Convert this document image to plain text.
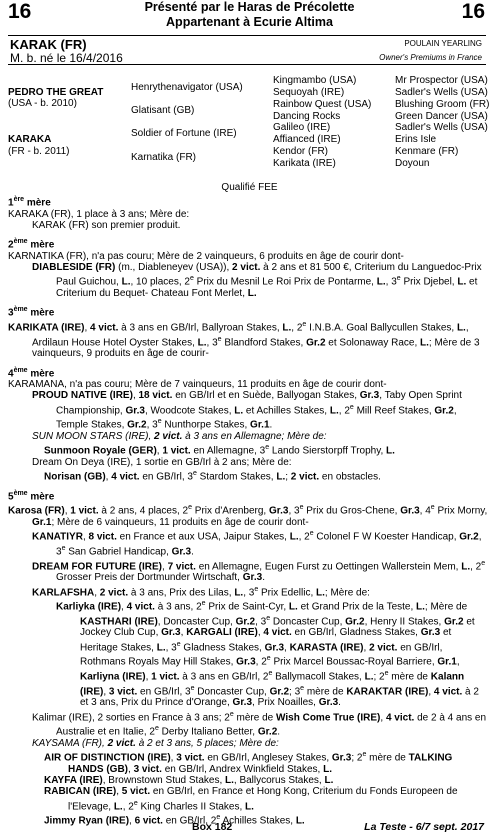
16	16
Présenté par le Haras de Précolette
Appartenant à Ecurie Altima
KARAK (FR)
M. b. né le 16/4/2016
POULAIN YEARLING
Owner's Premiums in France
PEDRO THE GREAT
(USA - b. 2010)
KARAKA
(FR - b. 2011)
Henrythenavigator (USA)
Glatisant (GB)
Soldier of Fortune (IRE)
Karnatika (FR)
Kingmambo (USA)
Sequoyah (IRE)
Rainbow Quest (USA)
Dancing Rocks
Galileo (IRE)
Affianced (IRE)
Kendor (FR)
Karikata (IRE)
Mr Prospector (USA)
Sadler's Wells (USA)
Blushing Groom (FR)
Green Dancer (USA)
Sadler's Wells (USA)
Erins Isle
Kenmare (FR)
Doyoun
Qualifié FEE

1ère mère

KARAKA (FR), 1 place à 3 ans; Mère de:

KARAK (FR) son premier produit.

2ème mère

KARNATIKA (FR), n'a pas couru; Mère de 2 vainqueurs, 6 produits en âge de courir dont-

DIABLESIDE (FR) (m., Diableneyev (USA)), 2 vict. à 2 ans et 81 500 €, Criterium du Languedoc-Prix Paul Guichou, L., 10 places, 2e Prix du Mesnil Le Roi Prix de Pontarme, L., 3e Prix Djebel, L. et Criterium du Bequet- Chateau Font Merlet, L.

3ème mère

KARIKATA (IRE), 4 vict. à 3 ans en GB/Irl, Ballyroan Stakes, L., 2e I.N.B.A. Goal Ballycullen Stakes, L., Ardilaun House Hotel Oyster Stakes, L., 3e Blandford Stakes, Gr.2 et Solonaway Race, L.; Mère de 3 vainqueurs, 9 produits en âge de courir-

4ème mère

KARAMANA, n'a pas couru; Mère de 7 vainqueurs, 11 produits en âge de courir dont-

PROUD NATIVE (IRE), 18 vict. en GB/Irl et en Suède, Ballyogan Stakes, Gr.3, Taby Open Sprint Championship, Gr.3, Woodcote Stakes, L. et Achilles Stakes, L., 2e Mill Reef Stakes, Gr.2, Temple Stakes, Gr.2, 3e Nunthorpe Stakes, Gr.1.

SUN MOON STARS (IRE), 2 vict. à 3 ans en Allemagne; Mère de:

Sunmoon Royale (GER), 1 vict. en Allemagne, 3e Lando Sierstorpff Trophy, L.

Dream On Deya (IRE), 1 sortie en GB/Irl à 2 ans; Mère de:

Norisan (GB), 4 vict. en GB/Irl, 3e Stardom Stakes, L.; 2 vict. en obstacles.

5ème mère

Karosa (FR), 1 vict. à 2 ans, 4 places, 2e Prix d'Arenberg, Gr.3, 3e Prix du Gros-Chene, Gr.3, 4e Prix Morny, Gr.1; Mère de 6 vainqueurs, 11 produits en âge de courir dont-

KANATIYR, 8 vict. en France et aux USA, Jaipur Stakes, L., 2e Colonel F W Koester Handicap, Gr.2, 3e San Gabriel Handicap, Gr.3.

DREAM FOR FUTURE (IRE), 7 vict. en Allemagne, Eugen Furst zu Oettingen Wallerstein Mem, L., 2e Grosser Preis der Dortmunder Wirtschaft, Gr.3.

KARLAFSHA, 2 vict. à 3 ans, Prix des Lilas, L., 3e Prix Edellic, L.; Mère de:

Karliyka (IRE), 4 vict. à 3 ans, 2e Prix de Saint-Cyr, L. et Grand Prix de la Teste, L.; Mère de KASTHARI (IRE), Doncaster Cup, Gr.2, 3e Doncaster Cup, Gr.2, Henry II Stakes, Gr.2 et Jockey Club Cup, Gr.3, KARGALI (IRE), 4 vict. en GB/Irl, Gladness Stakes, Gr.3 et Heritage Stakes, L., 3e Gladness Stakes, Gr.3, KARASTA (IRE), 2 vict. en GB/Irl, Rothmans Royals May Hill Stakes, Gr.3, 2e Prix Marcel Boussac-Royal Barriere, Gr.1, Karliyna (IRE), 1 vict. à 3 ans en GB/Irl, 2e Ballymacoll Stakes, L.; 2e mère de Kalann (IRE), 3 vict. en GB/Irl, 3e Doncaster Cup, Gr.2; 3e mère de KARAKTAR (IRE), 4 vict. à 2 et 3 ans, Prix du Prince d'Orange, Gr.3, Prix Noailles, Gr.3.

Kalimar (IRE), 2 sorties en France à 3 ans; 2e mère de Wish Come True (IRE), 4 vict. de 2 à 4 ans en Australie et en Italie, 2e Derby Italiano Better, Gr.2.

KAYSAMA (FR), 2 vict. à 2 et 3 ans, 5 places; Mère de:

AIR OF DISTINCTION (IRE), 3 vict. en GB/Irl, Anglesey Stakes, Gr.3; 2e mère de TALKING HANDS (GB), 3 vict. en GB/Irl, Andrex Winkfield Stakes, L.

KAYFA (IRE), Brownstown Stud Stakes, L., Ballycorus Stakes, L.

RABICAN (IRE), 5 vict. en GB/Irl, en France et Hong Kong, Criterium du Fonds Europeen de l'Elevage, L., 2e King Charles II Stakes, L.

Jimmy Ryan (IRE), 6 vict. en GB/Irl, 2e Achilles Stakes, L.

Box 182	La Teste - 6/7 sept. 2017
